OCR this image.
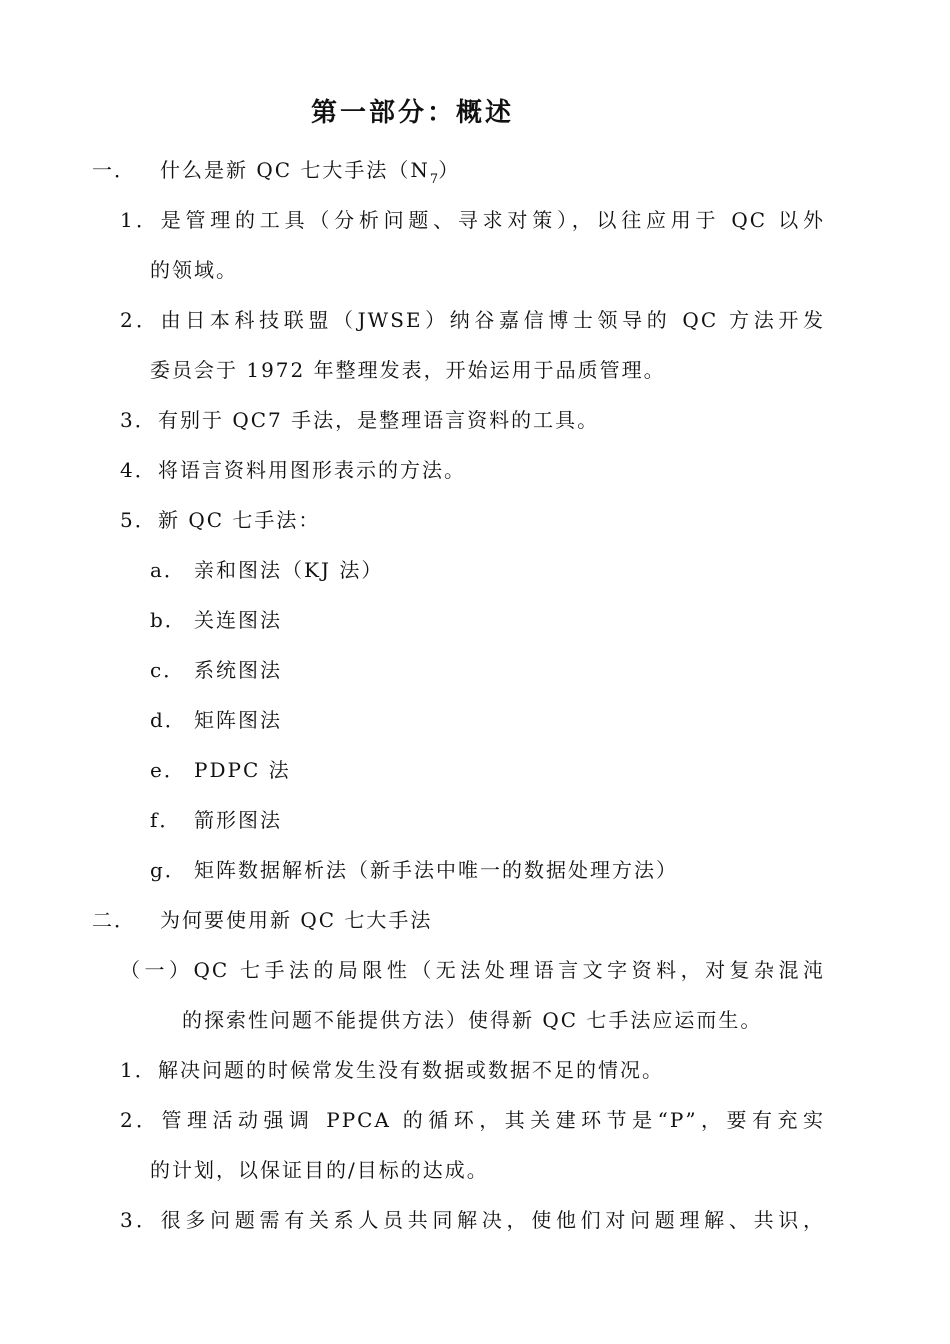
第一部分：概述
一． 什么是新 QC 七大手法$(N_7)$
1．是管理的工具（分析问题、寻求对策），以往应用于 QC 以外
的领域。
2．由日本科技联盟（JWSE）纳谷嘉信博士领导的 QC 方法开发
委员会于 1972 年整理发表，开始运用于品质管理。
3．有别于 QC7 手法，是整理语言资料的工具。
4．将语言资料用图形表示的方法。
5．新 QC 七手法：
a． 亲和图法（KJ 法）
b． 关连图法
c． 系统图法
d． 矩阵图法
e． PDPC 法
f． 箭形图法
g． 矩阵数据解析法（新手法中唯一的数据处理方法）
二． 为何要使用新 QC 七大手法
（一）QC 七手法的局限性（无法处理语言文字资料，对复杂混沌
的探索性问题不能提供方法）使得新 QC 七手法应运而生。
1．解决问题的时候常发生没有数据或数据不足的情况。
2．管理活动强调 PPCA 的循环，其关建环节是“P”，要有充实
的计划，以保证目的/目标的达成。
3．很多问题需有关系人员共同解决，使他们对问题理解、共识，
